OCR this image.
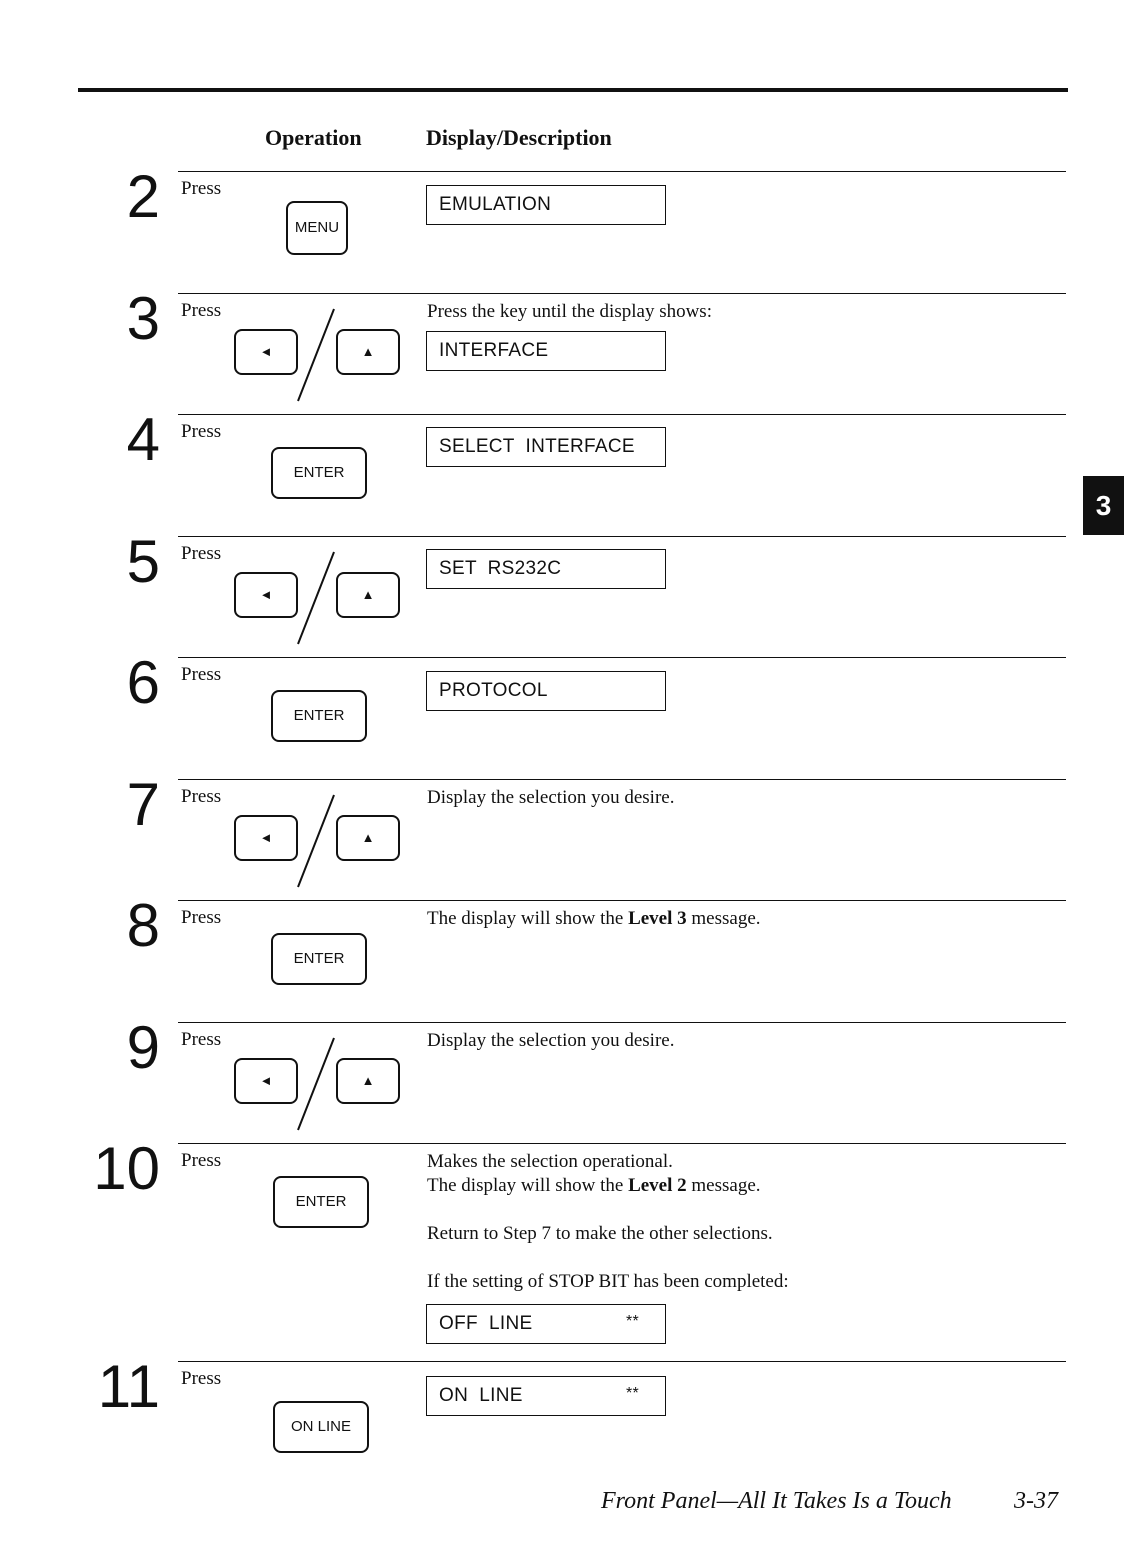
Operation	Display/Description
3
2 Press
MENU
EMULATION
3 Press
◄	▲
Press the key until the display shows:
INTERFACE
4 Press
ENTER
SELECT  INTERFACE
5 Press
◄	▲
SET  RS232C
6 Press
ENTER
PROTOCOL
7 Press
◄	▲
Display the selection you desire.
8 Press
ENTER
The display will show the Level 3 message.
9 Press
◄	▲
Display the selection you desire.
10 Press
ENTER
Makes the selection operational.
The display will show the Level 2 message.
Return to Step 7 to make the other selections.
If the setting of STOP BIT has been completed:
OFF  LINE	**
11 Press
ON LINE
ON  LINE	**
Front Panel—All It Takes Is a Touch	3-37
